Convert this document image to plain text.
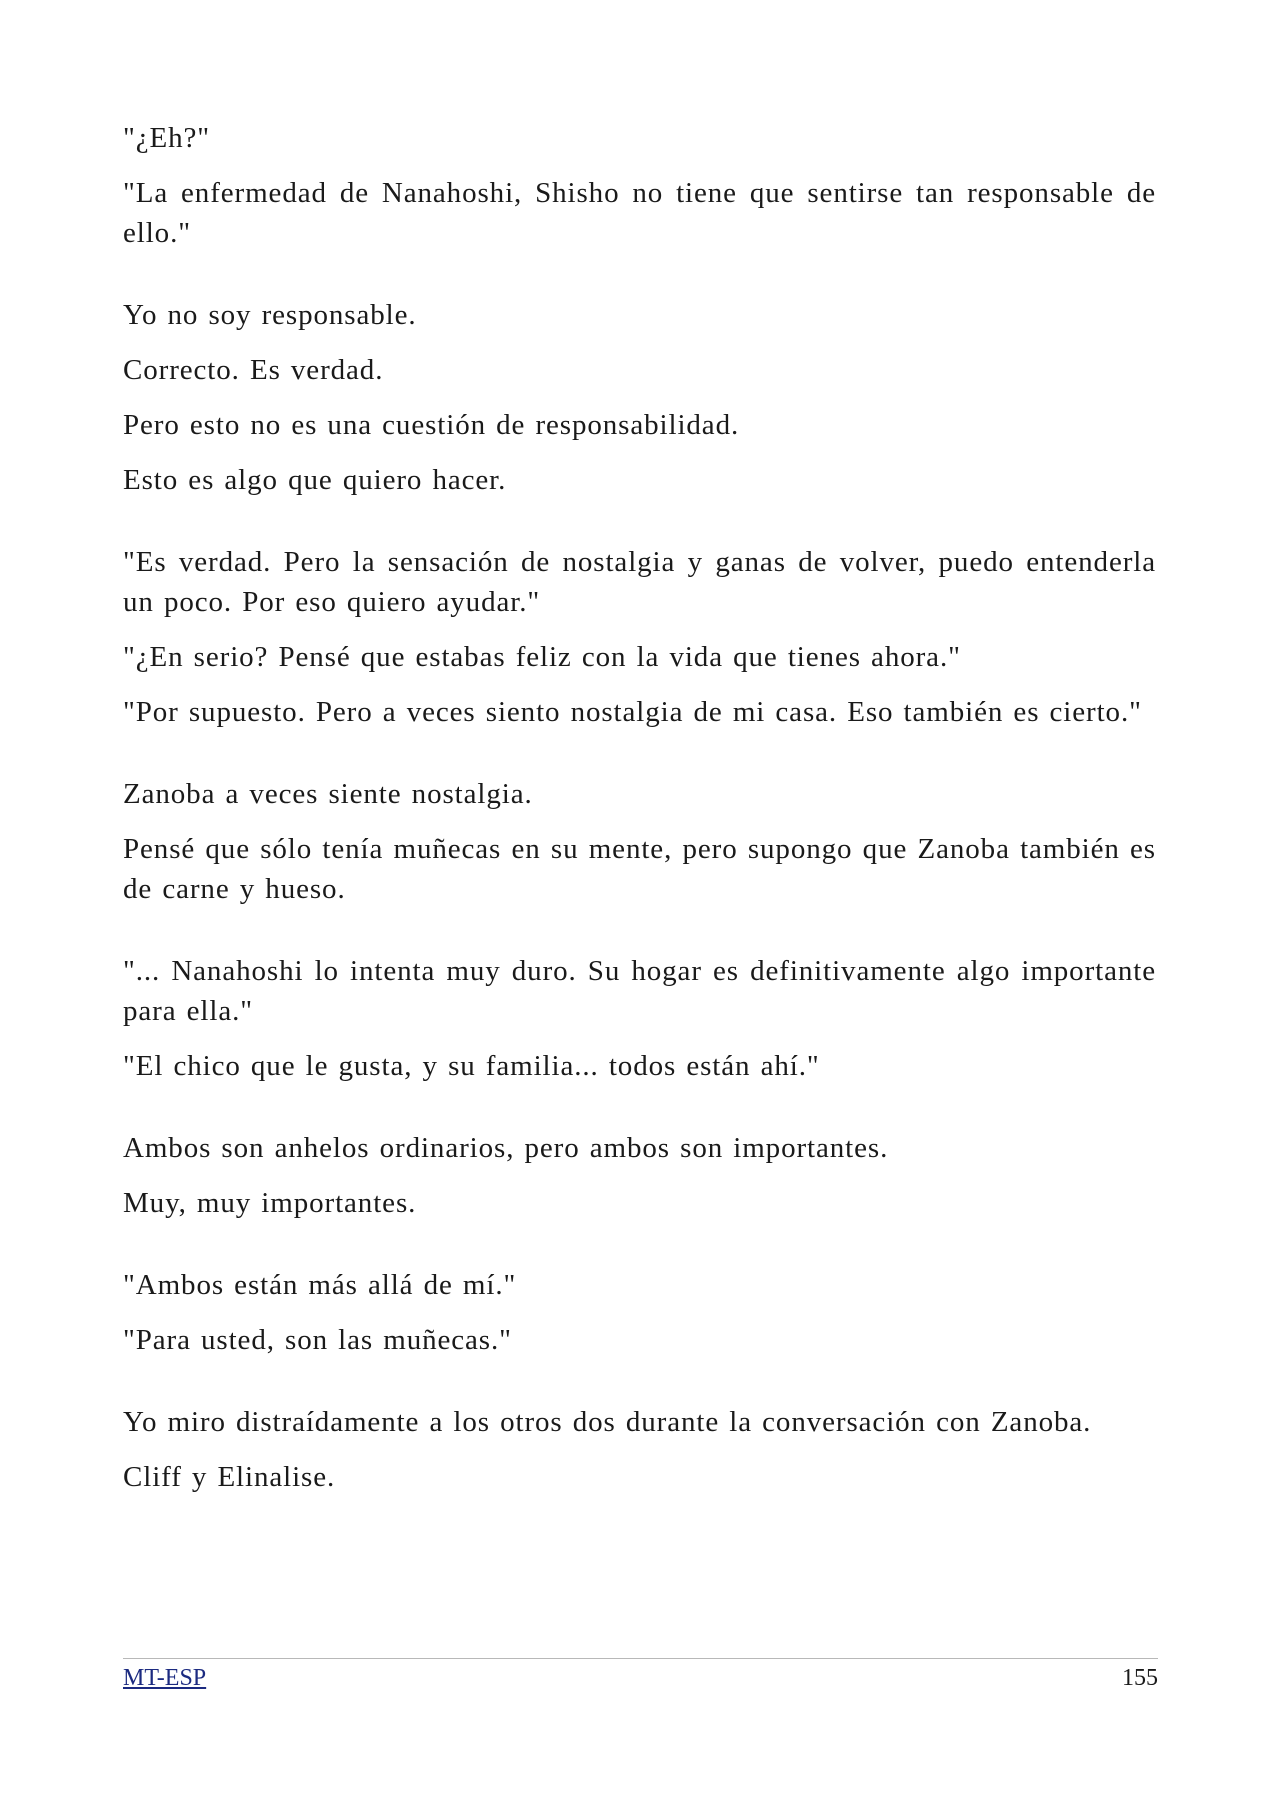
"¿Eh?"

"La enfermedad de Nanahoshi, Shisho no tiene que sentirse tan responsable de ello."

Yo no soy responsable.

Correcto. Es verdad.

Pero esto no es una cuestión de responsabilidad.

Esto es algo que quiero hacer.

"Es verdad. Pero la sensación de nostalgia y ganas de volver, puedo entenderla un poco. Por eso quiero ayudar."

"¿En serio? Pensé que estabas feliz con la vida que tienes ahora."

"Por supuesto. Pero a veces siento nostalgia de mi casa. Eso también es cierto."

Zanoba a veces siente nostalgia.

Pensé que sólo tenía muñecas en su mente, pero supongo que Zanoba también es de carne y hueso.

"... Nanahoshi lo intenta muy duro. Su hogar es definitivamente algo importante para ella."

"El chico que le gusta, y su familia... todos están ahí."

Ambos son anhelos ordinarios, pero ambos son importantes.

Muy, muy importantes.

"Ambos están más allá de mí."

"Para usted, son las muñecas."

Yo miro distraídamente a los otros dos durante la conversación con Zanoba.

Cliff y Elinalise.

MT-ESP	155
